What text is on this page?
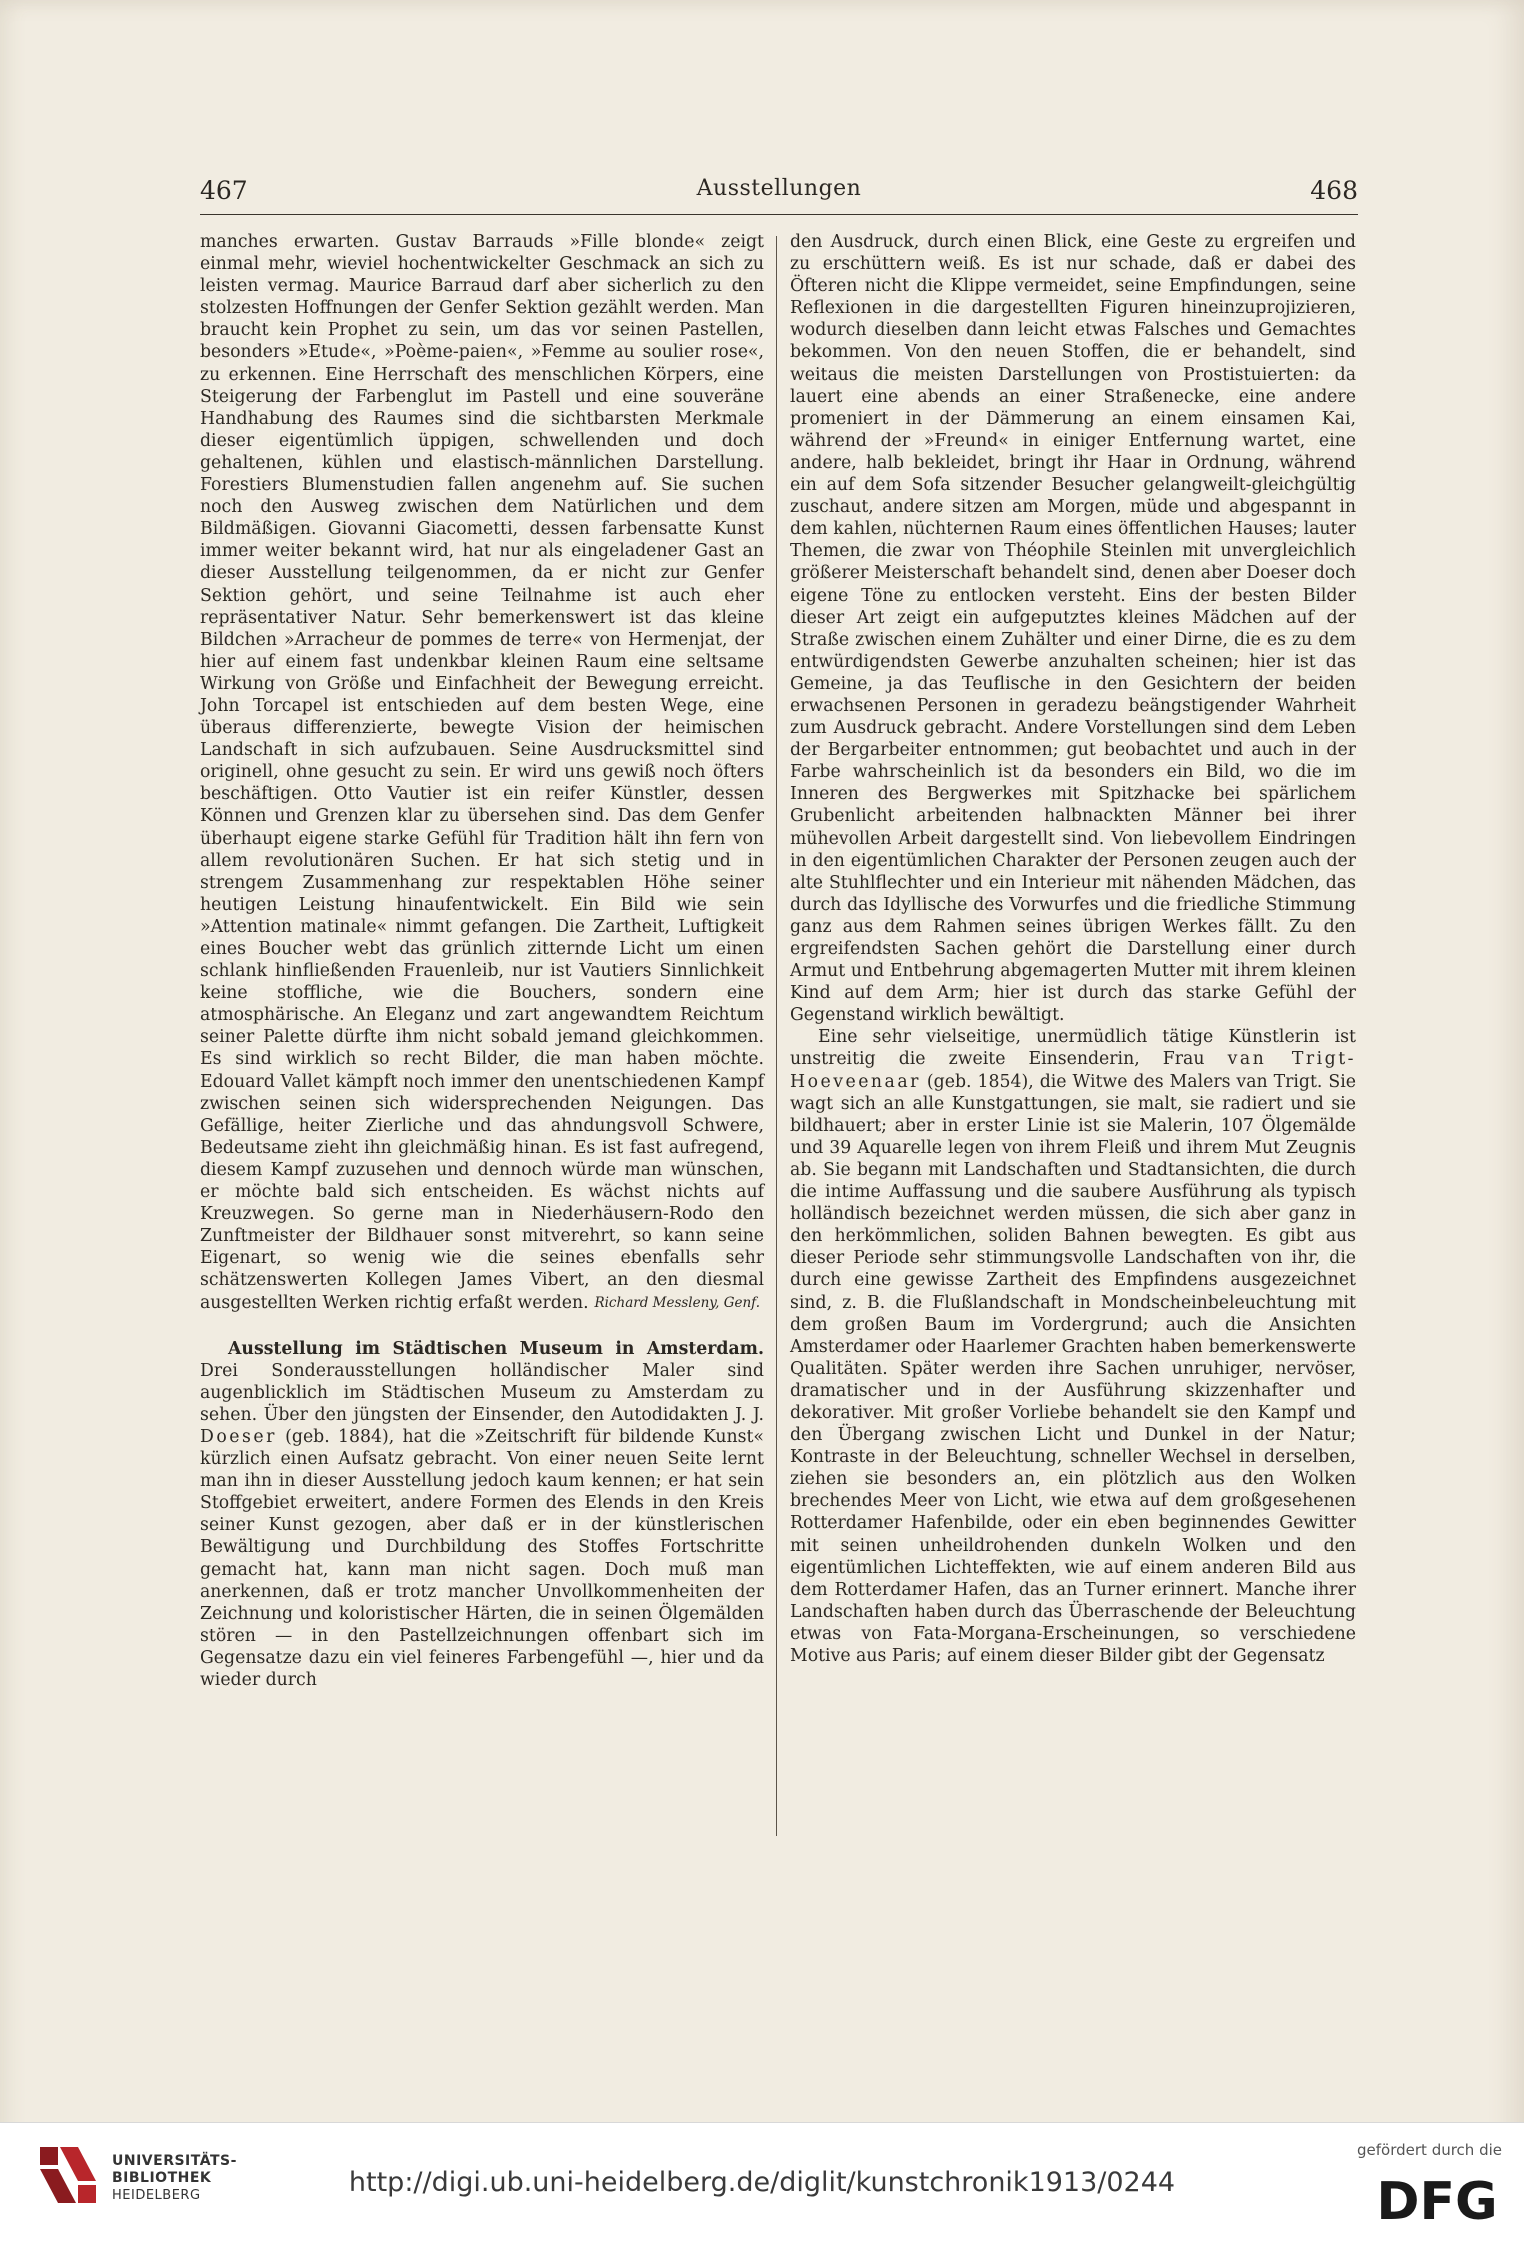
467	Ausstellungen	468

manches erwarten. Gustav Barrauds »Fille blonde« zeigt einmal mehr, wieviel hochentwickelter Geschmack an sich zu leisten vermag. Maurice Barraud darf aber sicherlich zu den stolzesten Hoffnungen der Genfer Sektion gezählt werden. Man braucht kein Prophet zu sein, um das vor seinen Pastellen, besonders »Etude«, »Poème-paien«, »Femme au soulier rose«, zu erkennen. Eine Herrschaft des menschlichen Körpers, eine Steigerung der Farbenglut im Pastell und eine souveräne Handhabung des Raumes sind die sichtbarsten Merkmale dieser eigentümlich üppigen, schwellenden und doch gehaltenen, kühlen und elastisch-männlichen Darstellung. Forestiers Blumenstudien fallen angenehm auf. Sie suchen noch den Ausweg zwischen dem Natürlichen und dem Bildmäßigen. Giovanni Giacometti, dessen farbensatte Kunst immer weiter bekannt wird, hat nur als eingeladener Gast an dieser Ausstellung teilgenommen, da er nicht zur Genfer Sektion gehört, und seine Teilnahme ist auch eher repräsentativer Natur. Sehr bemerkenswert ist das kleine Bildchen »Arracheur de pommes de terre« von Hermenjat, der hier auf einem fast undenkbar kleinen Raum eine seltsame Wirkung von Größe und Einfachheit der Bewegung erreicht. John Torcapel ist entschieden auf dem besten Wege, eine überaus differenzierte, bewegte Vision der heimischen Landschaft in sich aufzubauen. Seine Ausdrucksmittel sind originell, ohne gesucht zu sein. Er wird uns gewiß noch öfters beschäftigen. Otto Vautier ist ein reifer Künstler, dessen Können und Grenzen klar zu übersehen sind. Das dem Genfer überhaupt eigene starke Gefühl für Tradition hält ihn fern von allem revolutionären Suchen. Er hat sich stetig und in strengem Zusammenhang zur respektablen Höhe seiner heutigen Leistung hinaufentwickelt. Ein Bild wie sein »Attention matinale« nimmt gefangen. Die Zartheit, Luftigkeit eines Boucher webt das grünlich zitternde Licht um einen schlank hinfließenden Frauenleib, nur ist Vautiers Sinnlichkeit keine stoffliche, wie die Bouchers, sondern eine atmosphärische. An Eleganz und zart angewandtem Reichtum seiner Palette dürfte ihm nicht sobald jemand gleichkommen. Es sind wirklich so recht Bilder, die man haben möchte. Edouard Vallet kämpft noch immer den unentschiedenen Kampf zwischen seinen sich widersprechenden Neigungen. Das Gefällige, heiter Zierliche und das ahndungsvoll Schwere, Bedeutsame zieht ihn gleichmäßig hinan. Es ist fast aufregend, diesem Kampf zuzusehen und dennoch würde man wünschen, er möchte bald sich entscheiden. Es wächst nichts auf Kreuzwegen. So gerne man in Niederhäusern-Rodo den Zunftmeister der Bildhauer sonst mitverehrt, so kann seine Eigenart, so wenig wie die seines ebenfalls sehr schätzenswerten Kollegen James Vibert, an den diesmal ausgestellten Werken richtig erfaßt werden. Richard Messleny, Genf.

Ausstellung im Städtischen Museum in Amsterdam. Drei Sonderausstellungen holländischer Maler sind augenblicklich im Städtischen Museum zu Amsterdam zu sehen. Über den jüngsten der Einsender, den Autodidakten J. J. Doeser (geb. 1884), hat die »Zeitschrift für bildende Kunst« kürzlich einen Aufsatz gebracht. Von einer neuen Seite lernt man ihn in dieser Ausstellung jedoch kaum kennen; er hat sein Stoffgebiet erweitert, andere Formen des Elends in den Kreis seiner Kunst gezogen, aber daß er in der künstlerischen Bewältigung und Durchbildung des Stoffes Fortschritte gemacht hat, kann man nicht sagen. Doch muß man anerkennen, daß er trotz mancher Unvollkommenheiten der Zeichnung und koloristischer Härten, die in seinen Ölgemälden stören — in den Pastellzeichnungen offenbart sich im Gegensatze dazu ein viel feineres Farbengefühl —, hier und da wieder durch

den Ausdruck, durch einen Blick, eine Geste zu ergreifen und zu erschüttern weiß. Es ist nur schade, daß er dabei des Öfteren nicht die Klippe vermeidet, seine Empfindungen, seine Reflexionen in die dargestellten Figuren hineinzuprojizieren, wodurch dieselben dann leicht etwas Falsches und Gemachtes bekommen. Von den neuen Stoffen, die er behandelt, sind weitaus die meisten Darstellungen von Prostistuierten: da lauert eine abends an einer Straßenecke, eine andere promeniert in der Dämmerung an einem einsamen Kai, während der »Freund« in einiger Entfernung wartet, eine andere, halb bekleidet, bringt ihr Haar in Ordnung, während ein auf dem Sofa sitzender Besucher gelangweilt-gleichgültig zuschaut, andere sitzen am Morgen, müde und abgespannt in dem kahlen, nüchternen Raum eines öffentlichen Hauses; lauter Themen, die zwar von Théophile Steinlen mit unvergleichlich größerer Meisterschaft behandelt sind, denen aber Doeser doch eigene Töne zu entlocken versteht. Eins der besten Bilder dieser Art zeigt ein aufgeputztes kleines Mädchen auf der Straße zwischen einem Zuhälter und einer Dirne, die es zu dem entwürdigendsten Gewerbe anzuhalten scheinen; hier ist das Gemeine, ja das Teuflische in den Gesichtern der beiden erwachsenen Personen in geradezu beängstigender Wahrheit zum Ausdruck gebracht. Andere Vorstellungen sind dem Leben der Bergarbeiter entnommen; gut beobachtet und auch in der Farbe wahrscheinlich ist da besonders ein Bild, wo die im Inneren des Bergwerkes mit Spitzhacke bei spärlichem Grubenlicht arbeitenden halbnackten Männer bei ihrer mühevollen Arbeit dargestellt sind. Von liebevollem Eindringen in den eigentümlichen Charakter der Personen zeugen auch der alte Stuhlflechter und ein Interieur mit nähenden Mädchen, das durch das Idyllische des Vorwurfes und die friedliche Stimmung ganz aus dem Rahmen seines übrigen Werkes fällt. Zu den ergreifendsten Sachen gehört die Darstellung einer durch Armut und Entbehrung abgemagerten Mutter mit ihrem kleinen Kind auf dem Arm; hier ist durch das starke Gefühl der Gegenstand wirklich bewältigt.

Eine sehr vielseitige, unermüdlich tätige Künstlerin ist unstreitig die zweite Einsenderin, Frau van Trigt-Hoeveenaar (geb. 1854), die Witwe des Malers van Trigt. Sie wagt sich an alle Kunstgattungen, sie malt, sie radiert und sie bildhauert; aber in erster Linie ist sie Malerin, 107 Ölgemälde und 39 Aquarelle legen von ihrem Fleiß und ihrem Mut Zeugnis ab. Sie begann mit Landschaften und Stadtansichten, die durch die intime Auffassung und die saubere Ausführung als typisch holländisch bezeichnet werden müssen, die sich aber ganz in den herkömmlichen, soliden Bahnen bewegten. Es gibt aus dieser Periode sehr stimmungsvolle Landschaften von ihr, die durch eine gewisse Zartheit des Empfindens ausgezeichnet sind, z. B. die Flußlandschaft in Mondscheinbeleuchtung mit dem großen Baum im Vordergrund; auch die Ansichten Amsterdamer oder Haarlemer Grachten haben bemerkenswerte Qualitäten. Später werden ihre Sachen unruhiger, nervöser, dramatischer und in der Ausführung skizzenhafter und dekorativer. Mit großer Vorliebe behandelt sie den Kampf und den Übergang zwischen Licht und Dunkel in der Natur; Kontraste in der Beleuchtung, schneller Wechsel in derselben, ziehen sie besonders an, ein plötzlich aus den Wolken brechendes Meer von Licht, wie etwa auf dem großgesehenen Rotterdamer Hafenbilde, oder ein eben beginnendes Gewitter mit seinen unheildrohenden dunkeln Wolken und den eigentümlichen Lichteffekten, wie auf einem anderen Bild aus dem Rotterdamer Hafen, das an Turner erinnert. Manche ihrer Landschaften haben durch das Überraschende der Beleuchtung etwas von Fata-Morgana-Erscheinungen, so verschiedene Motive aus Paris; auf einem dieser Bilder gibt der Gegensatz

UNIVERSITÄTS-
BIBLIOTHEK
HEIDELBERG	http://digi.ub.uni-heidelberg.de/diglit/kunstchronik1913/0244
gefördert durch die
DFG
